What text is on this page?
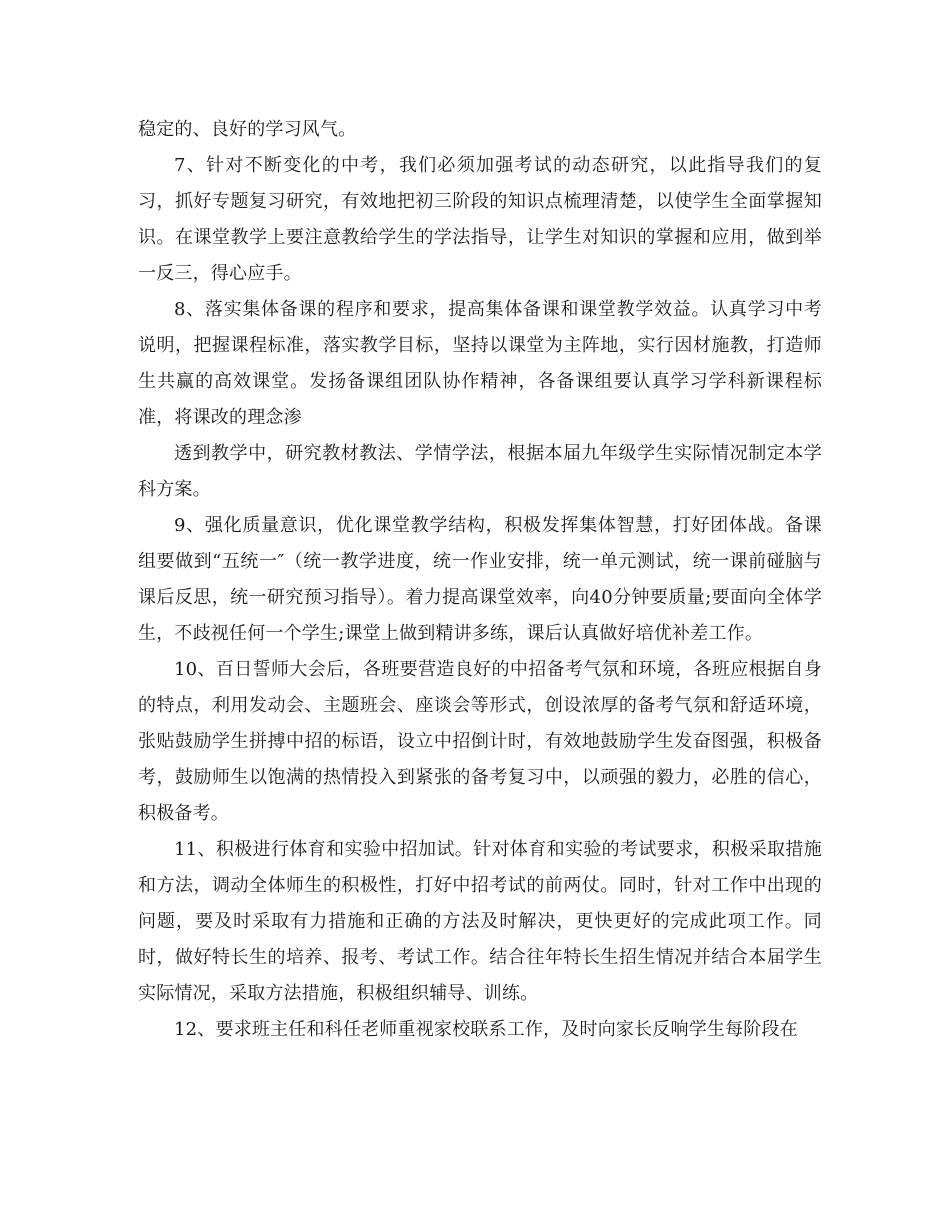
稳定的、良好的学习风气。

7、针对不断变化的中考，我们必须加强考试的动态研究，以此指导我们的复习，抓好专题复习研究，有效地把初三阶段的知识点梳理清楚，以使学生全面掌握知识。在课堂教学上要注意教给学生的学法指导，让学生对知识的掌握和应用，做到举一反三，得心应手。

8、落实集体备课的程序和要求，提高集体备课和课堂教学效益。认真学习中考说明，把握课程标准，落实教学目标，坚持以课堂为主阵地，实行因材施教，打造师生共赢的高效课堂。发扬备课组团队协作精神，各备课组要认真学习学科新课程标准，将课改的理念渗

透到教学中，研究教材教法、学情学法，根据本届九年级学生实际情况制定本学科方案。

9、强化质量意识，优化课堂教学结构，积极发挥集体智慧，打好团体战。备课组要做到“五统一″（统一教学进度，统一作业安排，统一单元测试，统一课前碰脑与课后反思，统一研究预习指导）。着力提高课堂效率，向40分钟要质量;要面向全体学生，不歧视任何一个学生;课堂上做到精讲多练，课后认真做好培优补差工作。

10、百日誓师大会后，各班要营造良好的中招备考气氛和环境，各班应根据自身的特点，利用发动会、主题班会、座谈会等形式，创设浓厚的备考气氛和舒适环境，张贴鼓励学生拼搏中招的标语，设立中招倒计时，有效地鼓励学生发奋图强，积极备考，鼓励师生以饱满的热情投入到紧张的备考复习中，以顽强的毅力，必胜的信心，积极备考。

11、积极进行体育和实验中招加试。针对体育和实验的考试要求，积极采取措施和方法，调动全体师生的积极性，打好中招考试的前两仗。同时，针对工作中出现的问题，要及时采取有力措施和正确的方法及时解决，更快更好的完成此项工作。同时，做好特长生的培养、报考、考试工作。结合往年特长生招生情况并结合本届学生实际情况，采取方法措施，积极组织辅导、训练。

12、要求班主任和科任老师重视家校联系工作，及时向家长反响学生每阶段在
